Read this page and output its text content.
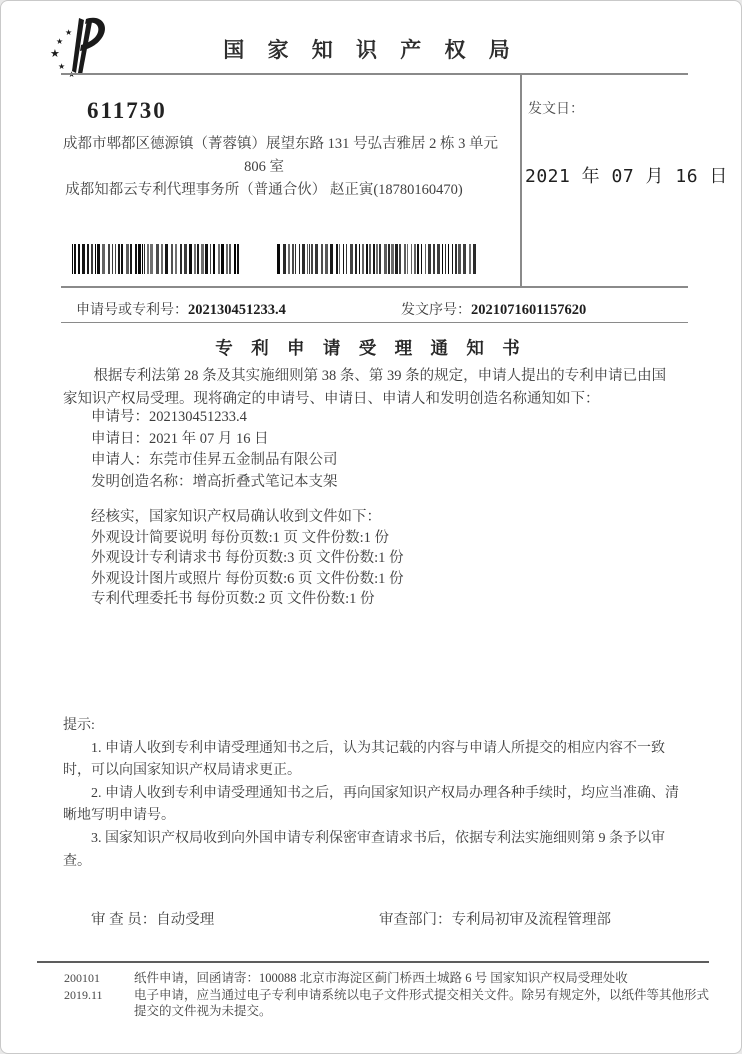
★
★
★
★
国 家 知 识 产 权 局
611730
成都市郫都区德源镇（菁蓉镇）展望东路 131 号弘吉雅居 2 栋 3 单元
806 室
成都知都云专利代理事务所（普通合伙） 赵正寅(18780160470)
发文日：
2021 年 07 月 16 日
申请号或专利号：202130451233.4	发文序号：2021071601157620
专 利 申 请 受 理 通 知 书
根据专利法第 28 条及其实施细则第 38 条、第 39 条的规定，申请人提出的专利申请已由国家知识产权局受理。现将确定的申请号、申请日、申请人和发明创造名称通知如下：

申请号：202130451233.4

申请日：2021 年 07 月 16 日

申请人：东莞市佳昇五金制品有限公司

发明创造名称：增高折叠式笔记本支架

经核实，国家知识产权局确认收到文件如下：

外观设计简要说明 每份页数:1 页 文件份数:1 份

外观设计专利请求书 每份页数:3 页 文件份数:1 份

外观设计图片或照片 每份页数:6 页 文件份数:1 份

专利代理委托书 每份页数:2 页 文件份数:1 份

提示:

1. 申请人收到专利申请受理通知书之后，认为其记载的内容与申请人所提交的相应内容不一致时，可以向国家知识产权局请求更正。

2. 申请人收到专利申请受理通知书之后，再向国家知识产权局办理各种手续时，均应当准确、清晰地写明申请号。

3. 国家知识产权局收到向外国申请专利保密审查请求书后，依据专利法实施细则第 9 条予以审查。

审 查 员：自动受理	审查部门：专利局初审及流程管理部

200101

2019.11

纸件申请，回函请寄：100088 北京市海淀区蓟门桥西土城路 6 号 国家知识产权局受理处收

电子申请，应当通过电子专利申请系统以电子文件形式提交相关文件。除另有规定外，以纸件等其他形式提交的文件视为未提交。
